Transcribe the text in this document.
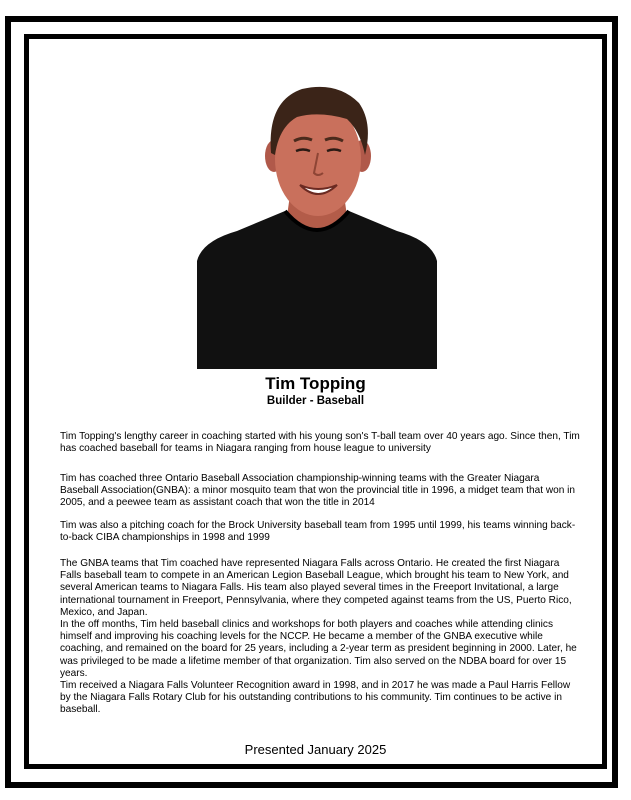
Tim Topping
Builder - Baseball

Tim Topping's lengthy career in coaching started with his young son's T-ball team over 40 years ago. Since then, Tim has coached baseball for teams in Niagara ranging from house league to university

Tim has coached three Ontario Baseball Association championship-winning teams with the Greater Niagara Baseball Association(GNBA): a minor mosquito team that won the provincial title in 1996, a midget team that won in 2005, and a peewee team as assistant coach that won the title in 2014

Tim was also a pitching coach for the Brock University baseball team from 1995 until 1999, his teams winning back-to-back CIBA championships in 1998 and 1999

The GNBA teams that Tim coached have represented Niagara Falls across Ontario. He created the first Niagara Falls baseball team to compete in an American Legion Baseball League, which brought his team to New York, and several American teams to Niagara Falls. His team also played several times in the Freeport Invitational, a large international tournament in Freeport, Pennsylvania, where they competed against teams from the US, Puerto Rico, Mexico, and Japan.

In the off months, Tim held baseball clinics and workshops for both players and coaches while attending clinics himself and improving his coaching levels for the NCCP. He became a member of the GNBA executive while coaching, and remained on the board for 25 years, including a 2-year term as president beginning in 2000. Later, he was privileged to be made a lifetime member of that organization. Tim also served on the NDBA board for over 15 years.

Tim received a Niagara Falls Volunteer Recognition award in 1998, and in 2017 he was made a Paul Harris Fellow by the Niagara Falls Rotary Club for his outstanding contributions to his community. Tim continues to be active in baseball.

Presented January 2025
